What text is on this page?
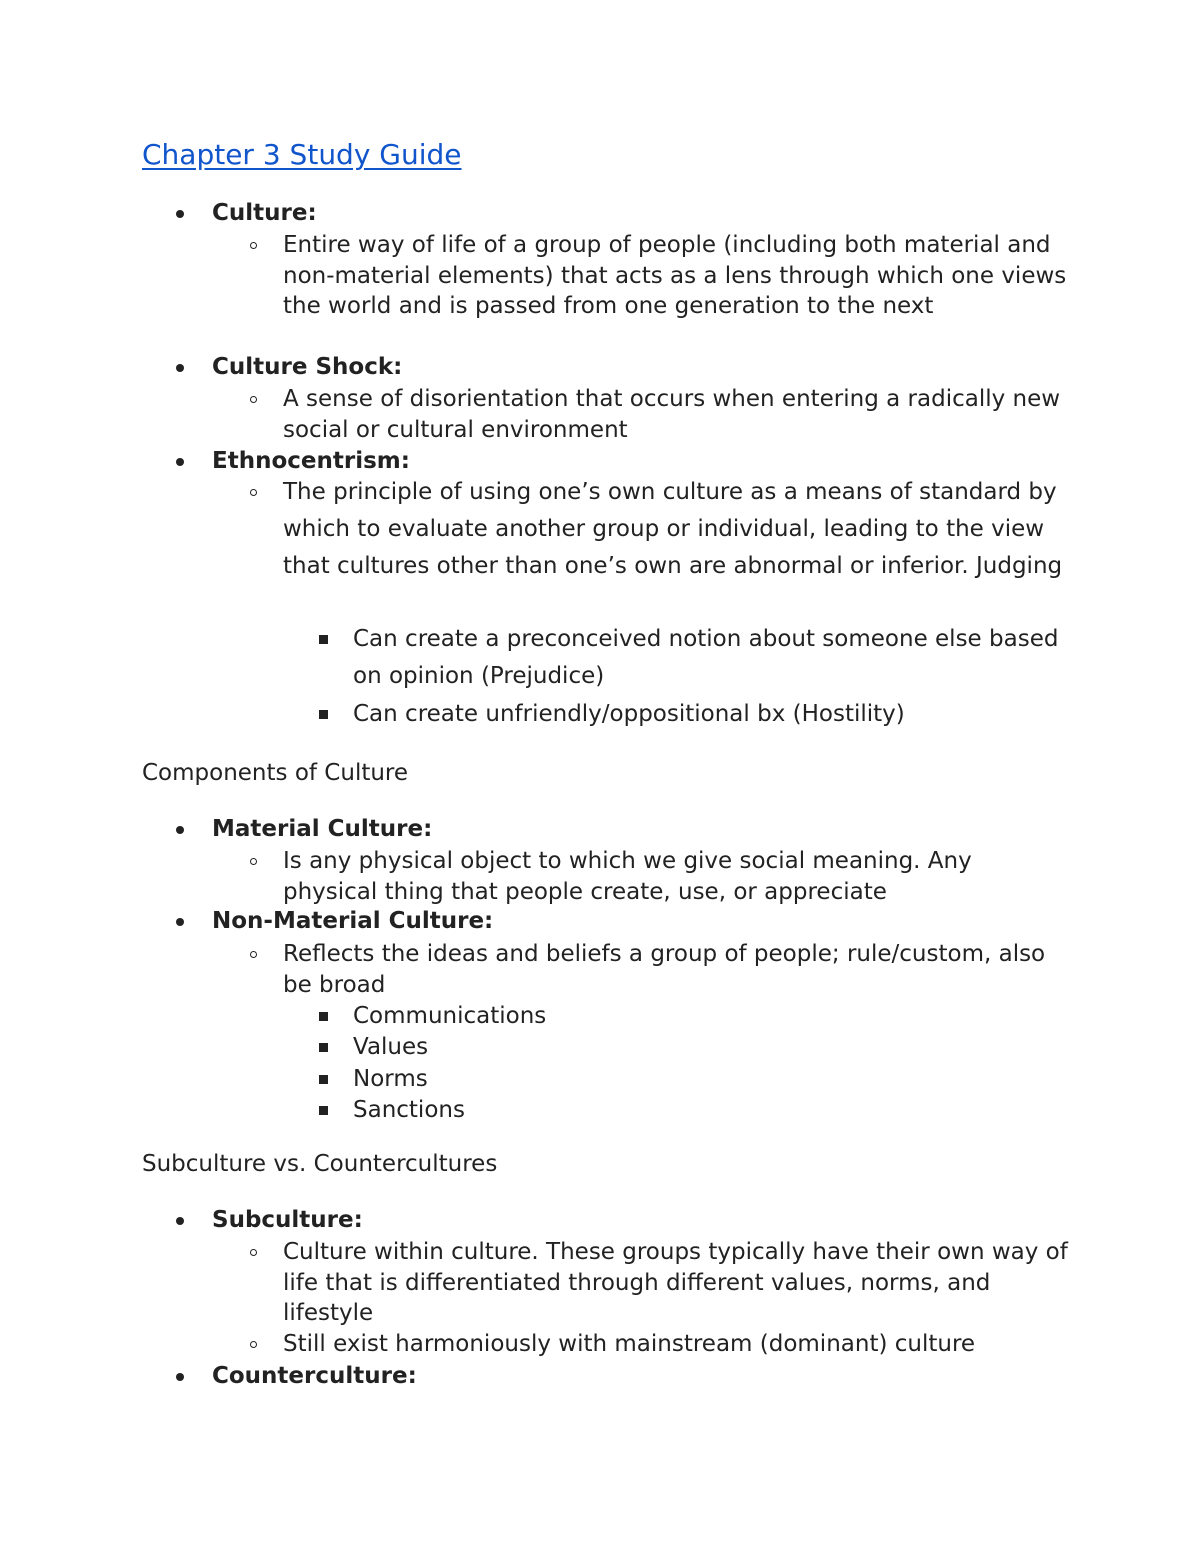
Chapter 3 Study Guide
Culture:
Entire way of life of a group of people (including both material and non-material elements) that acts as a lens through which one views the world and is passed from one generation to the next
Culture Shock:
A sense of disorientation that occurs when entering a radically new social or cultural environment
Ethnocentrism:
The principle of using one’s own culture as a means of standard by which to evaluate another group or individual, leading to the view that cultures other than one’s own are abnormal or inferior. Judging
Can create a preconceived notion about someone else based on opinion (Prejudice)
Can create unfriendly/oppositional bx (Hostility)
Components of Culture
Material Culture:
Is any physical object to which we give social meaning. Any physical thing that people create, use, or appreciate
Non-Material Culture:
Reflects the ideas and beliefs a group of people; rule/custom, also be broad
Communications
Values
Norms
Sanctions
Subculture vs. Countercultures
Subculture:
Culture within culture. These groups typically have their own way of life that is differentiated through different values, norms, and lifestyle
Still exist harmoniously with mainstream (dominant) culture
Counterculture:
